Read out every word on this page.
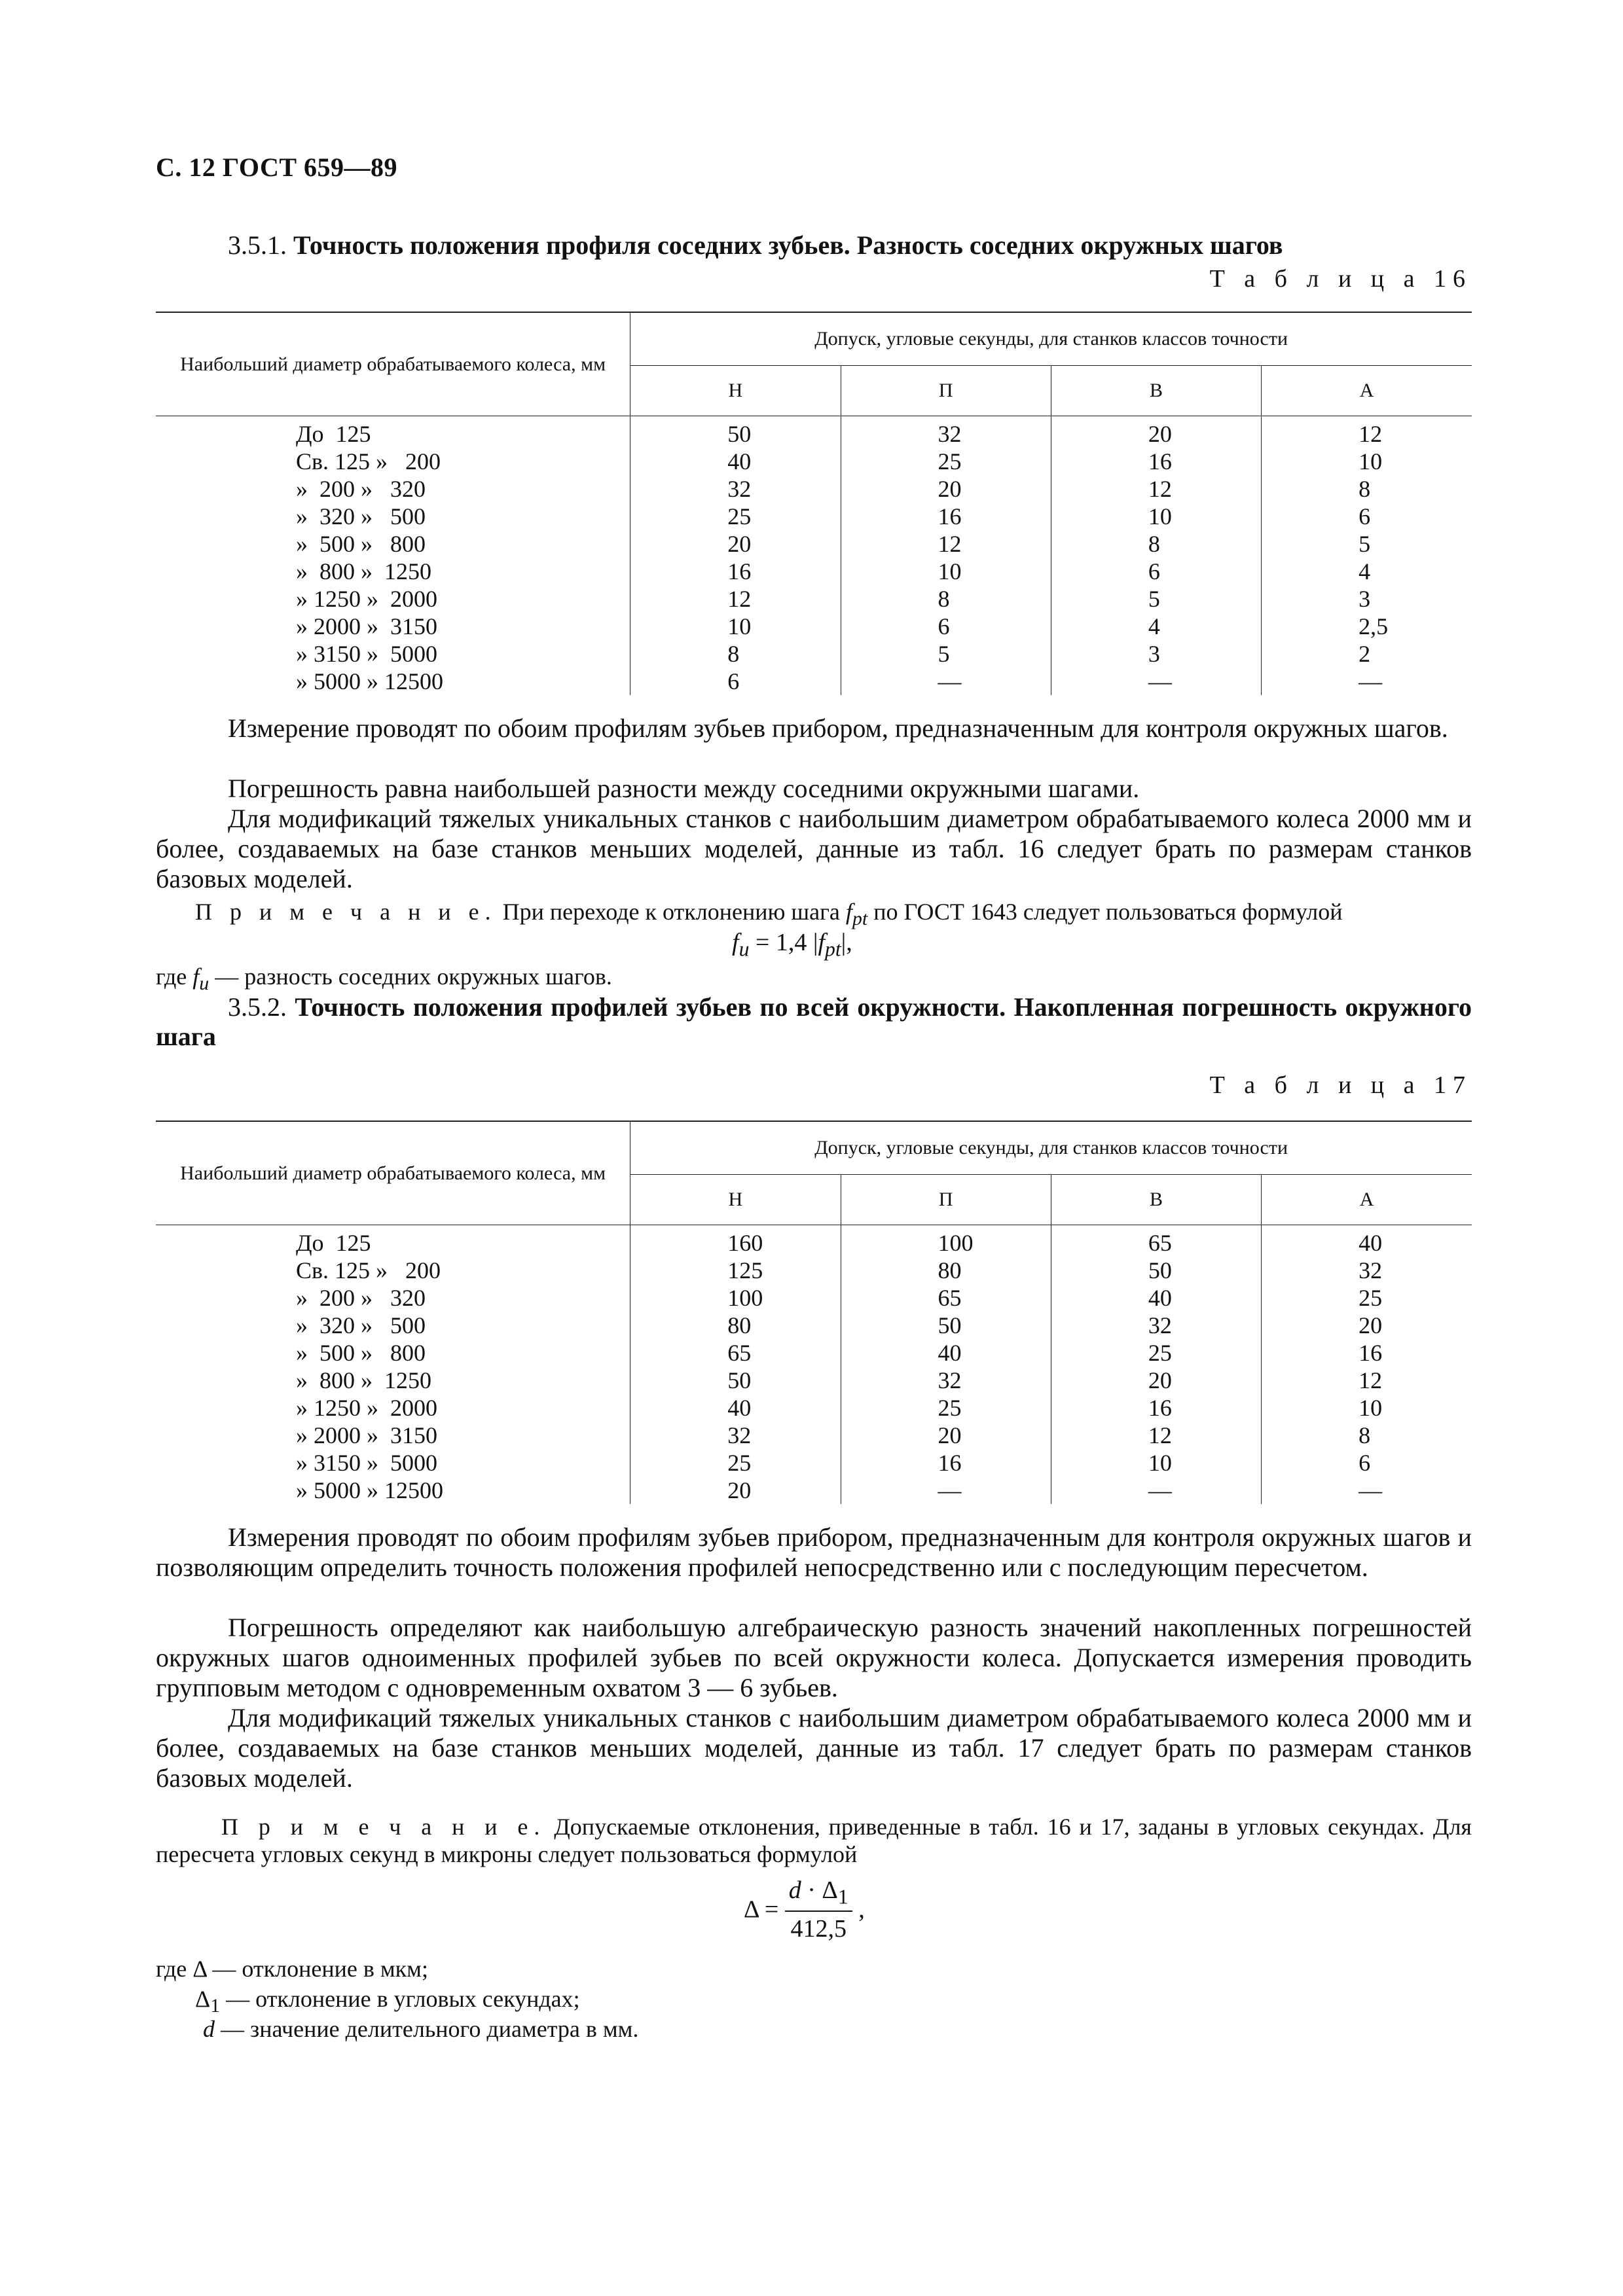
С. 12 ГОСТ 659—89
3.5.1. Точность положения профиля соседних зубьев. Разность соседних окружных шагов
Т а б л и ц а 16
Наибольший диаметр обрабатываемого колеса, мм	Допуск, угловые секунды, для станков классов точности			
	Н	П	В	А
До  125	50	32	20	12
Св. 125 »   200	40	25	16	10
»  200 »   320	32	20	12	8
»  320 »   500	25	16	10	6
»  500 »   800	20	12	8	5
»  800 »  1250	16	10	6	4
» 1250 »  2000	12	8	5	3
» 2000 »  3150	10	6	4	2,5
» 3150 »  5000	8	5	3	2
» 5000 » 12500	6	—	—	—
Измерение проводят по обоим профилям зубьев прибором, предназначенным для контроля окружных шагов.
Погрешность равна наибольшей разности между соседними окружными шагами.
Для модификаций тяжелых уникальных станков с наибольшим диаметром обрабатываемого колеса 2000 мм и более, создаваемых на базе станков меньших моделей, данные из табл. 16 следует брать по размерам станков базовых моделей.
П р и м е ч а н и е. При переходе к отклонению шага $f_{pt}$ по ГОСТ 1643 следует пользоваться формулой
$f_u = 1,4$ $|f_{pt}|$,
где $f_u$ — разность соседних окружных шагов.
3.5.2. Точность положения профилей зубьев по всей окружности. Накопленная погрешность окружного шага
Т а б л и ц а 17
Наибольший диаметр обрабатываемого колеса, мм	Допуск, угловые секунды, для станков классов точности			
	Н	П	В	А
До  125	160	100	65	40
Св. 125 »   200	125	80	50	32
»  200 »   320	100	65	40	25
»  320 »   500	80	50	32	20
»  500 »   800	65	40	25	16
»  800 »  1250	50	32	20	12
» 1250 »  2000	40	25	16	10
» 2000 »  3150	32	20	12	8
» 3150 »  5000	25	16	10	6
» 5000 » 12500	20	—	—	—
Измерения проводят по обоим профилям зубьев прибором, предназначенным для контроля окружных шагов и позволяющим определить точность положения профилей непосредственно или с последующим пересчетом.
Погрешность определяют как наибольшую алгебраическую разность значений накопленных погрешностей окружных шагов одноименных профилей зубьев по всей окружности колеса. Допускается измерения проводить групповым методом с одновременным охватом 3 — 6 зубьев.
Для модификаций тяжелых уникальных станков с наибольшим диаметром обрабатываемого колеса 2000 мм и более, создаваемых на базе станков меньших моделей, данные из табл. 17 следует брать по размерам станков базовых моделей.
П р и м е ч а н и е. Допускаемые отклонения, приведенные в табл. 16 и 17, заданы в угловых секундах. Для пересчета угловых секунд в микроны следует пользоваться формулой
$\Delta = \frac{d \cdot \Delta_1}{412,5}$ ,
где Δ — отклонение в мкм;
$\Delta_1$ — отклонение в угловых секундах;
d — значение делительного диаметра в мм.
